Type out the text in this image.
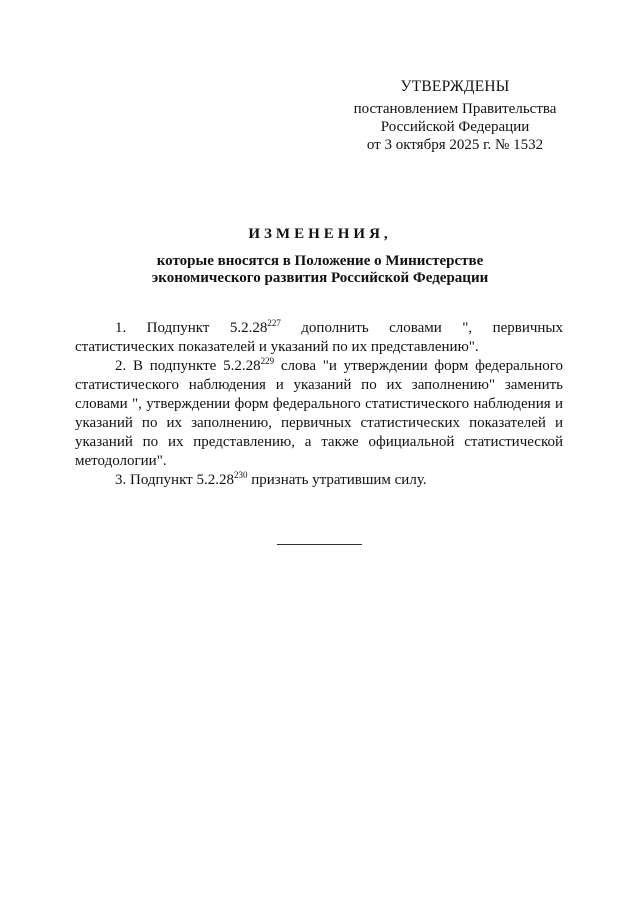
УТВЕРЖДЕНЫ
постановлением Правительства
Российской Федерации
от 3 октября 2025 г. № 1532
ИЗМЕНЕНИЯ,
которые вносятся в Положение о Министерстве
экономического развития Российской Федерации

1. Подпункт 5.2.28$^{227}$ дополнить словами ", первичных статистических показателей и указаний по их представлению".

2. В подпункте 5.2.28$^{229}$ слова "и утверждении форм федерального статистического наблюдения и указаний по их заполнению" заменить словами ", утверждении форм федерального статистического наблюдения и указаний по их заполнению, первичных статистических показателей и указаний по их представлению, а также официальной статистической методологии".

3. Подпункт 5.2.28$^{230}$ признать утратившим силу.
